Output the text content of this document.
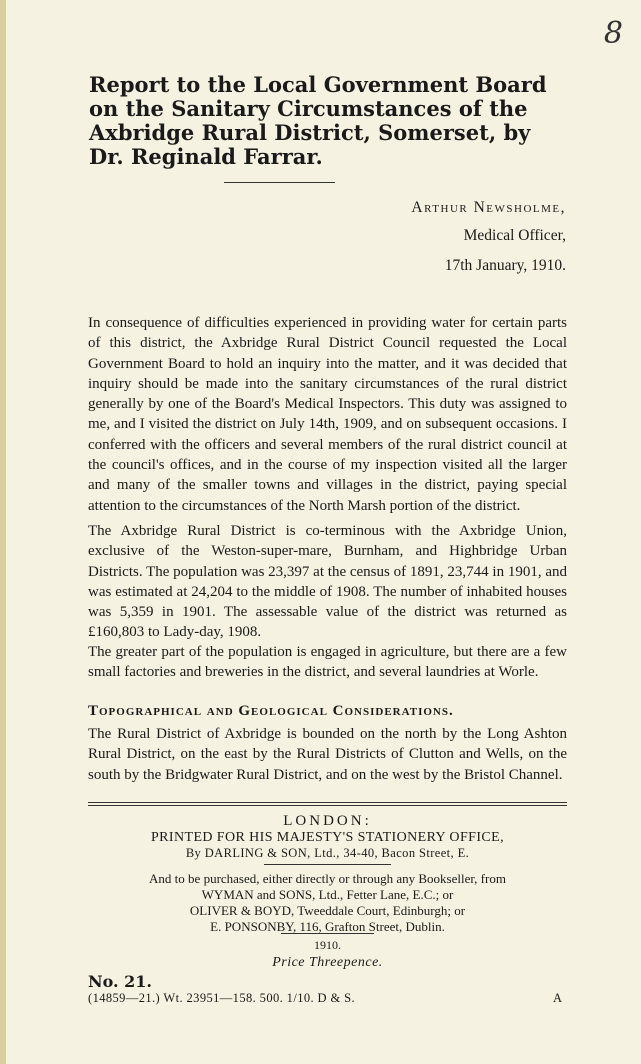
8
Report to the Local Government Board on the Sanitary Circumstances of the Axbridge Rural District, Somerset, by Dr. Reginald Farrar.
Arthur Newsholme,
Medical Officer,
17th January, 1910.

In consequence of difficulties experienced in providing water for certain parts of this district, the Axbridge Rural District Council requested the Local Government Board to hold an inquiry into the matter, and it was decided that inquiry should be made into the sanitary circumstances of the rural district generally by one of the Board's Medical Inspectors. This duty was assigned to me, and I visited the district on July 14th, 1909, and on subsequent occasions. I conferred with the officers and several members of the rural district council at the council's offices, and in the course of my inspection visited all the larger and many of the smaller towns and villages in the district, paying special attention to the circumstances of the North Marsh portion of the district.

The Axbridge Rural District is co-terminous with the Axbridge Union, exclusive of the Weston-super-mare, Burnham, and Highbridge Urban Districts. The population was 23,397 at the census of 1891, 23,744 in 1901, and was estimated at 24,204 to the middle of 1908. The number of inhabited houses was 5,359 in 1901. The assessable value of the district was returned as £160,803 to Lady-day, 1908.

The greater part of the population is engaged in agriculture, but there are a few small factories and breweries in the district, and several laundries at Worle.

Topographical and Geological Considerations.

The Rural District of Axbridge is bounded on the north by the Long Ashton Rural District, on the east by the Rural Districts of Clutton and Wells, on the south by the Bridgwater Rural District, and on the west by the Bristol Channel.

LONDON:
PRINTED FOR HIS MAJESTY'S STATIONERY OFFICE,
By DARLING & SON, Ltd., 34-40, Bacon Street, E.
And to be purchased, either directly or through any Bookseller, from
WYMAN and SONS, Ltd., Fetter Lane, E.C.; or
OLIVER & BOYD, Tweeddale Court, Edinburgh; or
E. PONSONBY, 116, Grafton Street, Dublin.
1910.
Price Threepence.
No. 21.
(14859—21.) Wt. 23951—158. 500. 1/10. D & S.	A
